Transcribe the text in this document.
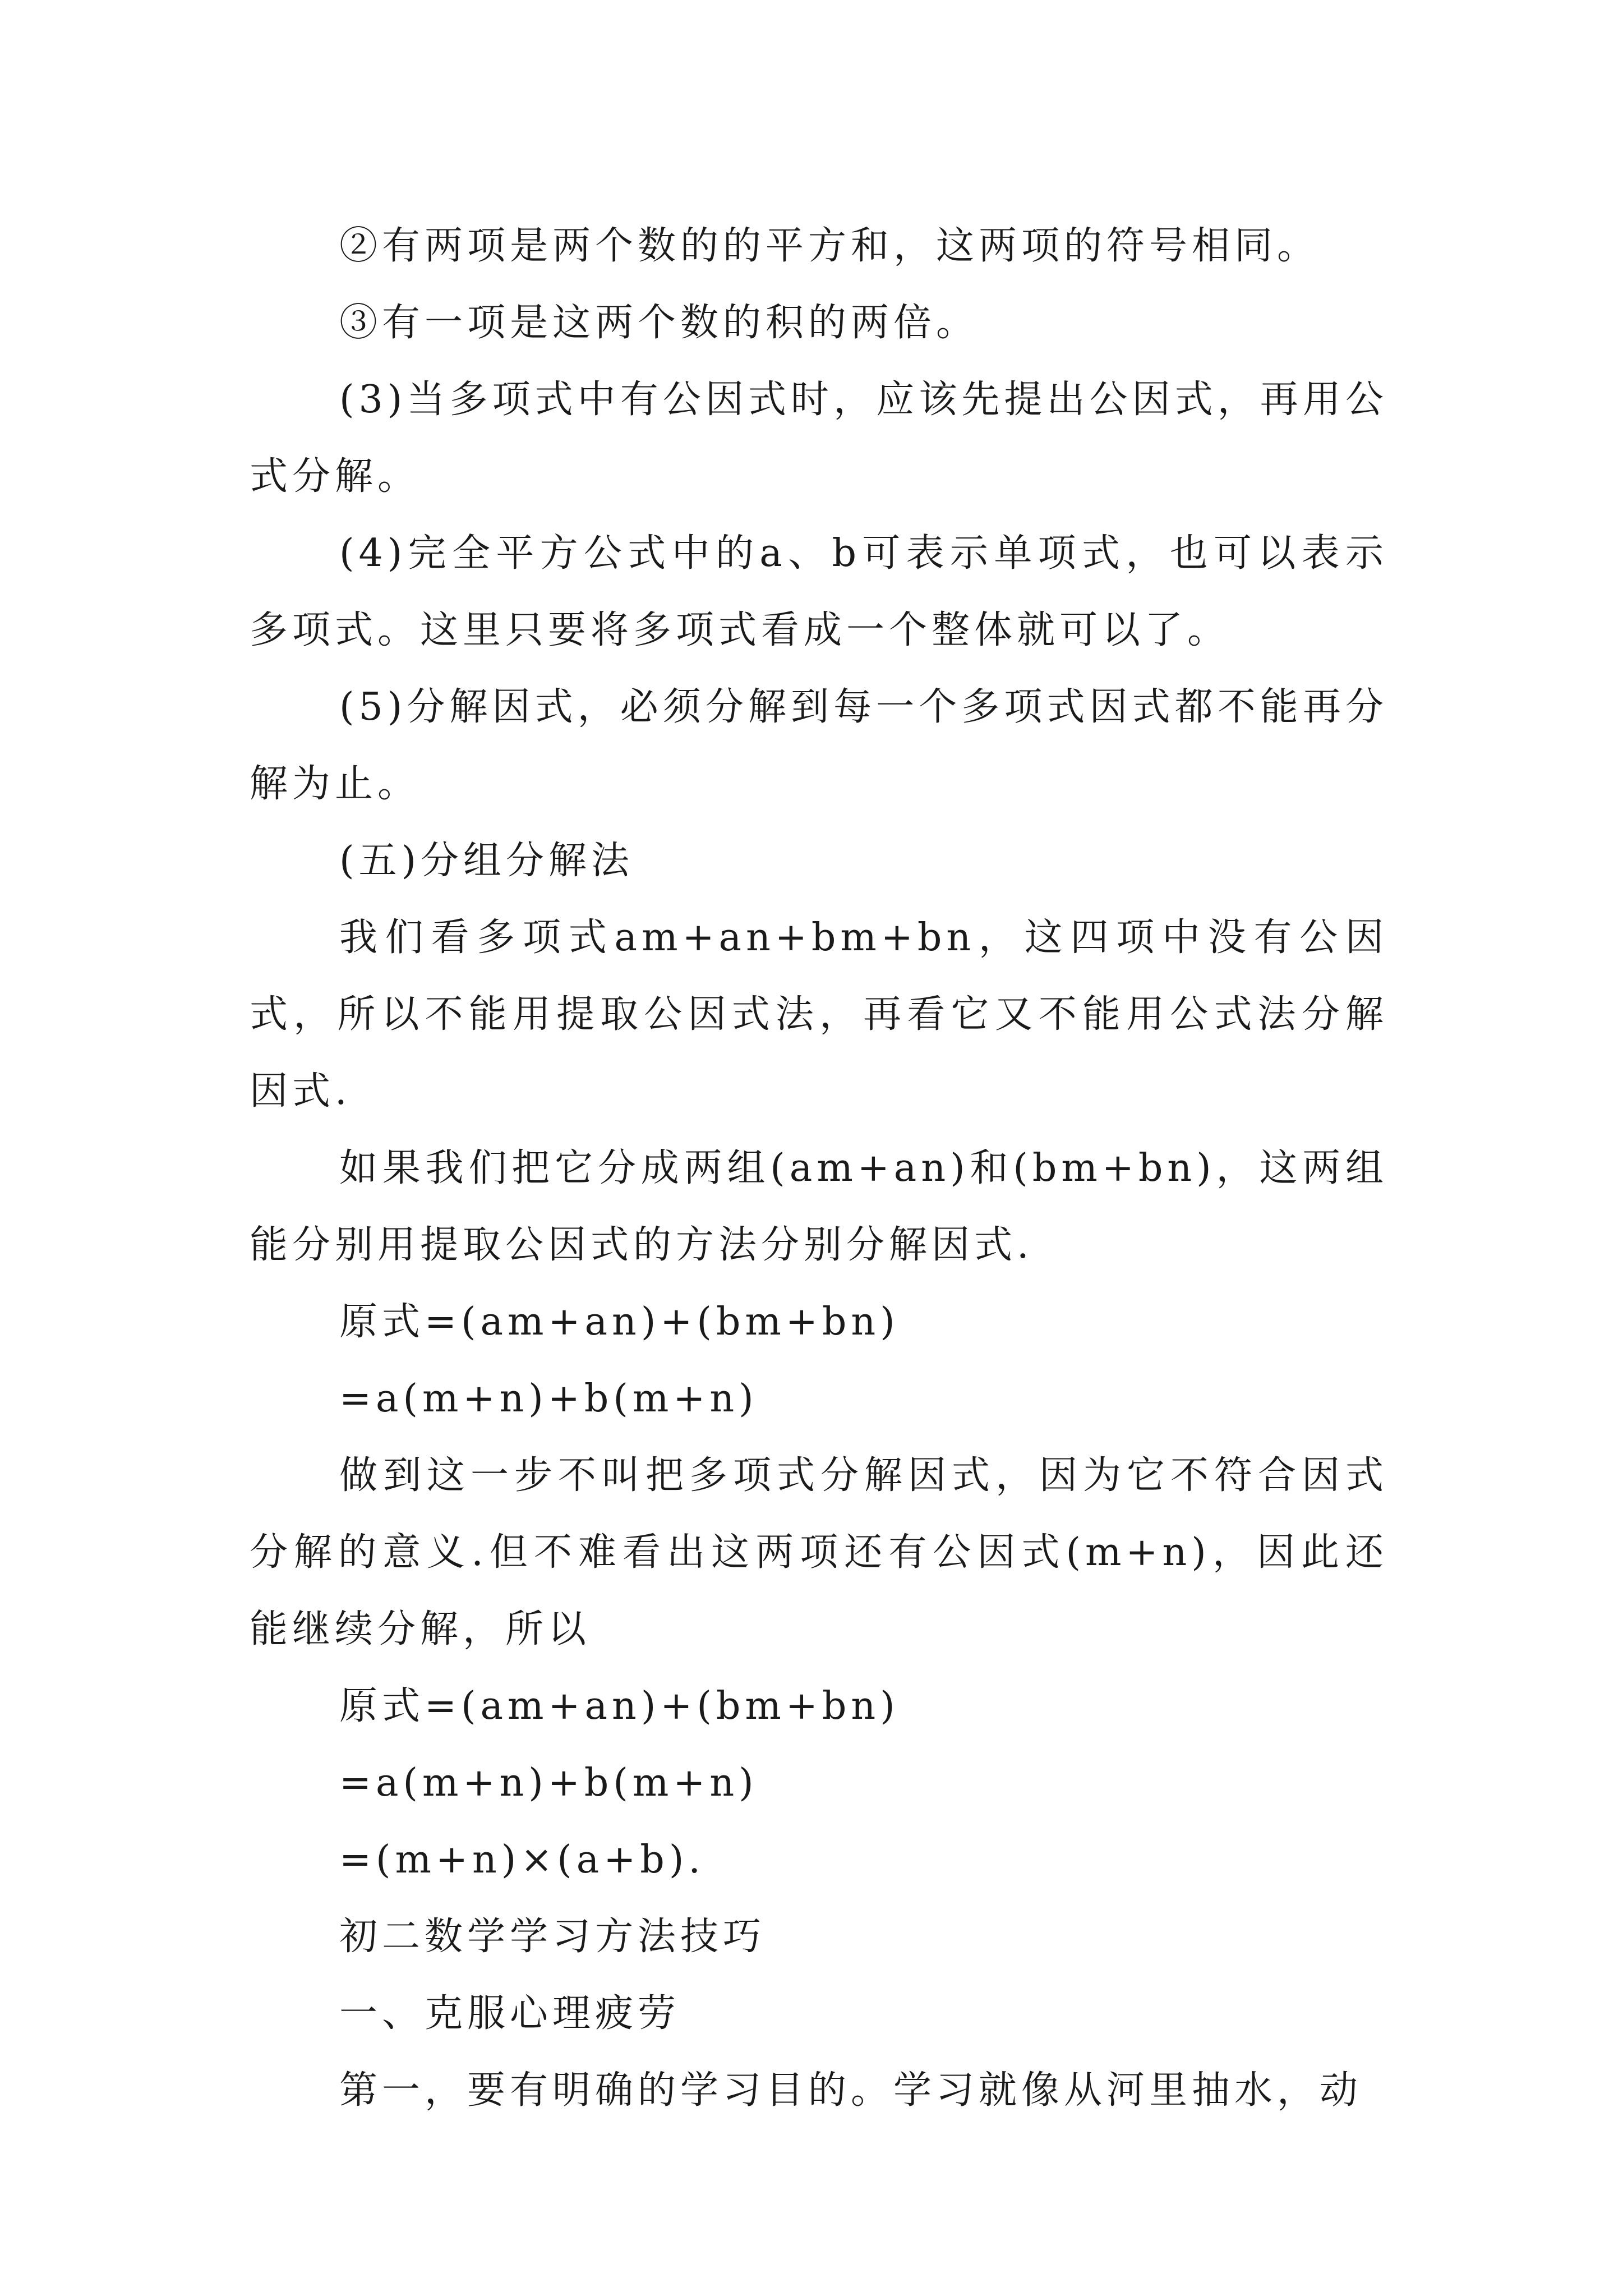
②有两项是两个数的的平方和，这两项的符号相同。

③有一项是这两个数的积的两倍。

(3)当多项式中有公因式时，应该先提出公因式，再用公式分解。

(4)完全平方公式中的a、b可表示单项式，也可以表示多项式。这里只要将多项式看成一个整体就可以了。

(5)分解因式，必须分解到每一个多项式因式都不能再分解为止。

(五)分组分解法

我们看多项式am+an+bm+bn，这四项中没有公因式，所以不能用提取公因式法，再看它又不能用公式法分解因式.

如果我们把它分成两组(am+an)和(bm+bn)，这两组能分别用提取公因式的方法分别分解因式.

原式=(am+an)+(bm+bn)

=a(m+n)+b(m+n)

做到这一步不叫把多项式分解因式，因为它不符合因式分解的意义.但不难看出这两项还有公因式(m+n)，因此还能继续分解，所以

原式=(am+an)+(bm+bn)

=a(m+n)+b(m+n)

=(m+n)×(a+b).

初二数学学习方法技巧

一、克服心理疲劳

第一，要有明确的学习目的。学习就像从河里抽水，动
